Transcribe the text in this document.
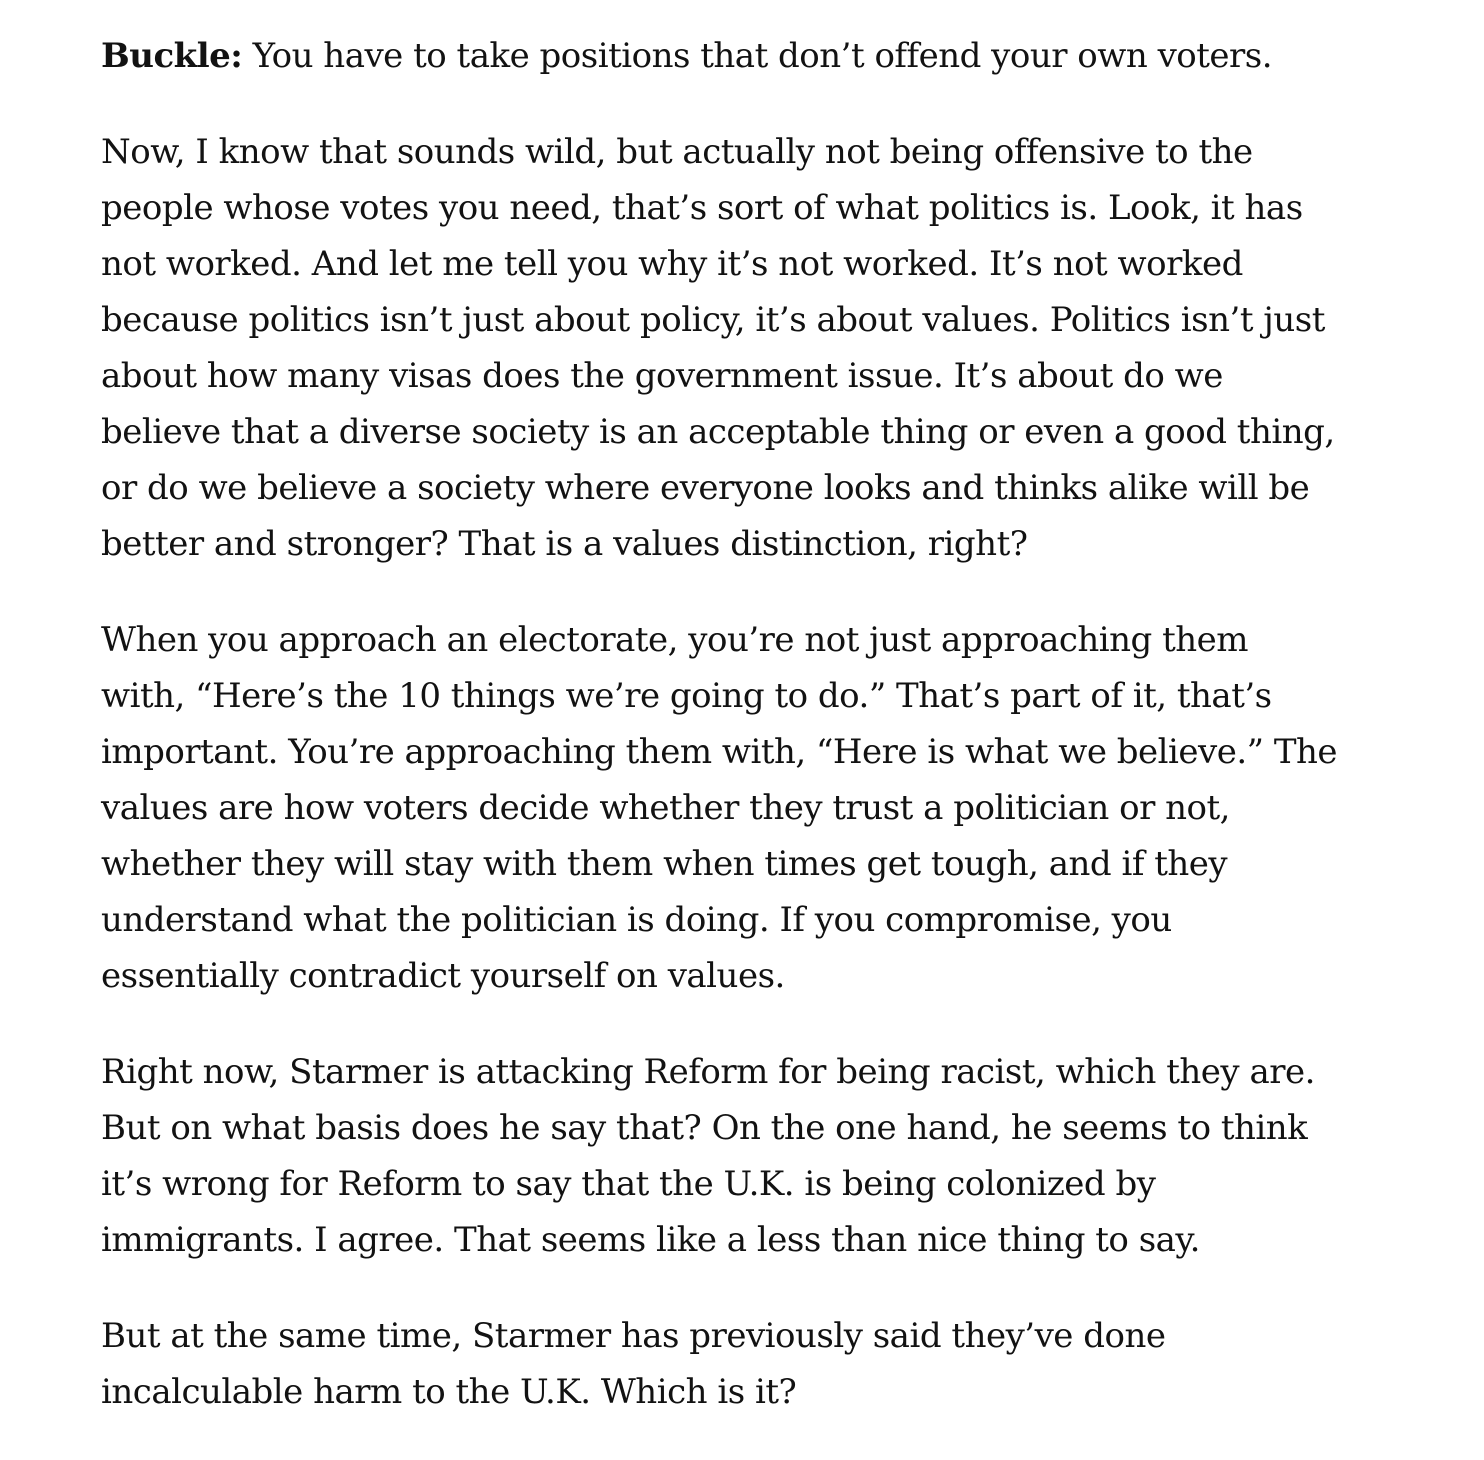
Buckle: You have to take positions that don’t offend your own voters.

Now, I know that sounds wild, but actually not being offensive to the people whose votes you need, that’s sort of what politics is. Look, it has not worked. And let me tell you why it’s not worked. It’s not worked because politics isn’t just about policy, it’s about values. Politics isn’t just about how many visas does the government issue. It’s about do we believe that a diverse society is an acceptable thing or even a good thing, or do we believe a society where everyone looks and thinks alike will be better and stronger? That is a values distinction, right?

When you approach an electorate, you’re not just approaching them with, “Here’s the 10 things we’re going to do.” That’s part of it, that’s important. You’re approaching them with, “Here is what we believe.” The values are how voters decide whether they trust a politician or not, whether they will stay with them when times get tough, and if they understand what the politician is doing. If you compromise, you essentially contradict yourself on values.

Right now, Starmer is attacking Reform for being racist, which they are. But on what basis does he say that? On the one hand, he seems to think it’s wrong for Reform to say that the U.K. is being colonized by immigrants. I agree. That seems like a less than nice thing to say.

But at the same time, Starmer has previously said they’ve done incalculable harm to the U.K. Which is it?
